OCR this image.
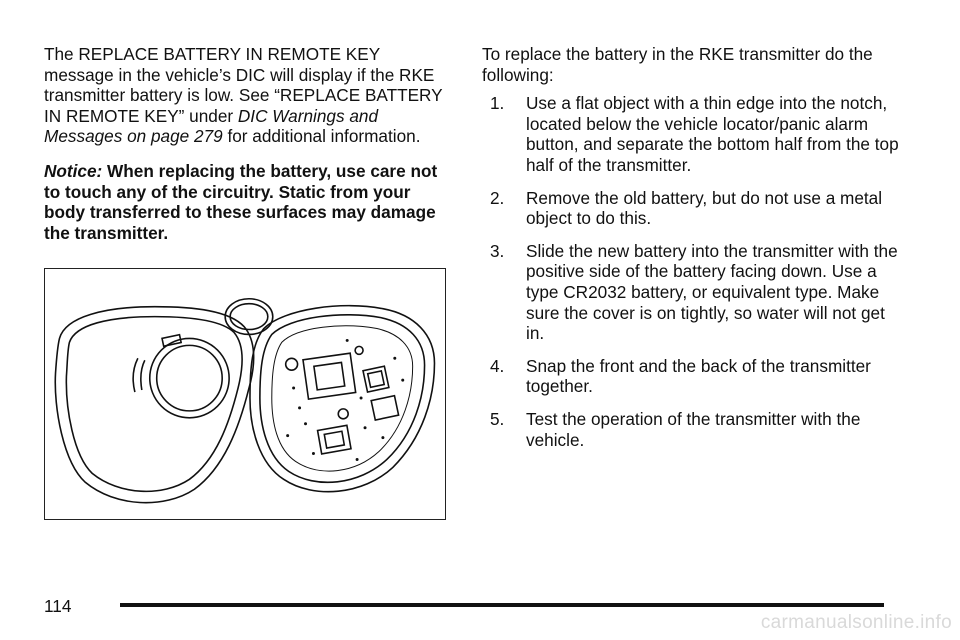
The REPLACE BATTERY IN REMOTE KEY message in the vehicle’s DIC will display if the RKE transmitter battery is low. See “REPLACE BATTERY IN REMOTE KEY” under DIC Warnings and Messages on page 279 for additional information.

Notice: When replacing the battery, use care not to touch any of the circuitry. Static from your body transferred to these surfaces may damage the transmitter.

To replace the battery in the RKE transmitter do the following:

1. Use a flat object with a thin edge into the notch, located below the vehicle locator/panic alarm button, and separate the bottom half from the top half of the transmitter.
2. Remove the old battery, but do not use a metal object to do this.
3. Slide the new battery into the transmitter with the positive side of the battery facing down. Use a type CR2032 battery, or equivalent type. Make sure the cover is on tightly, so water will not get in.
4. Snap the front and the back of the transmitter together.
5. Test the operation of the transmitter with the vehicle.
114
carmanualsonline.info
